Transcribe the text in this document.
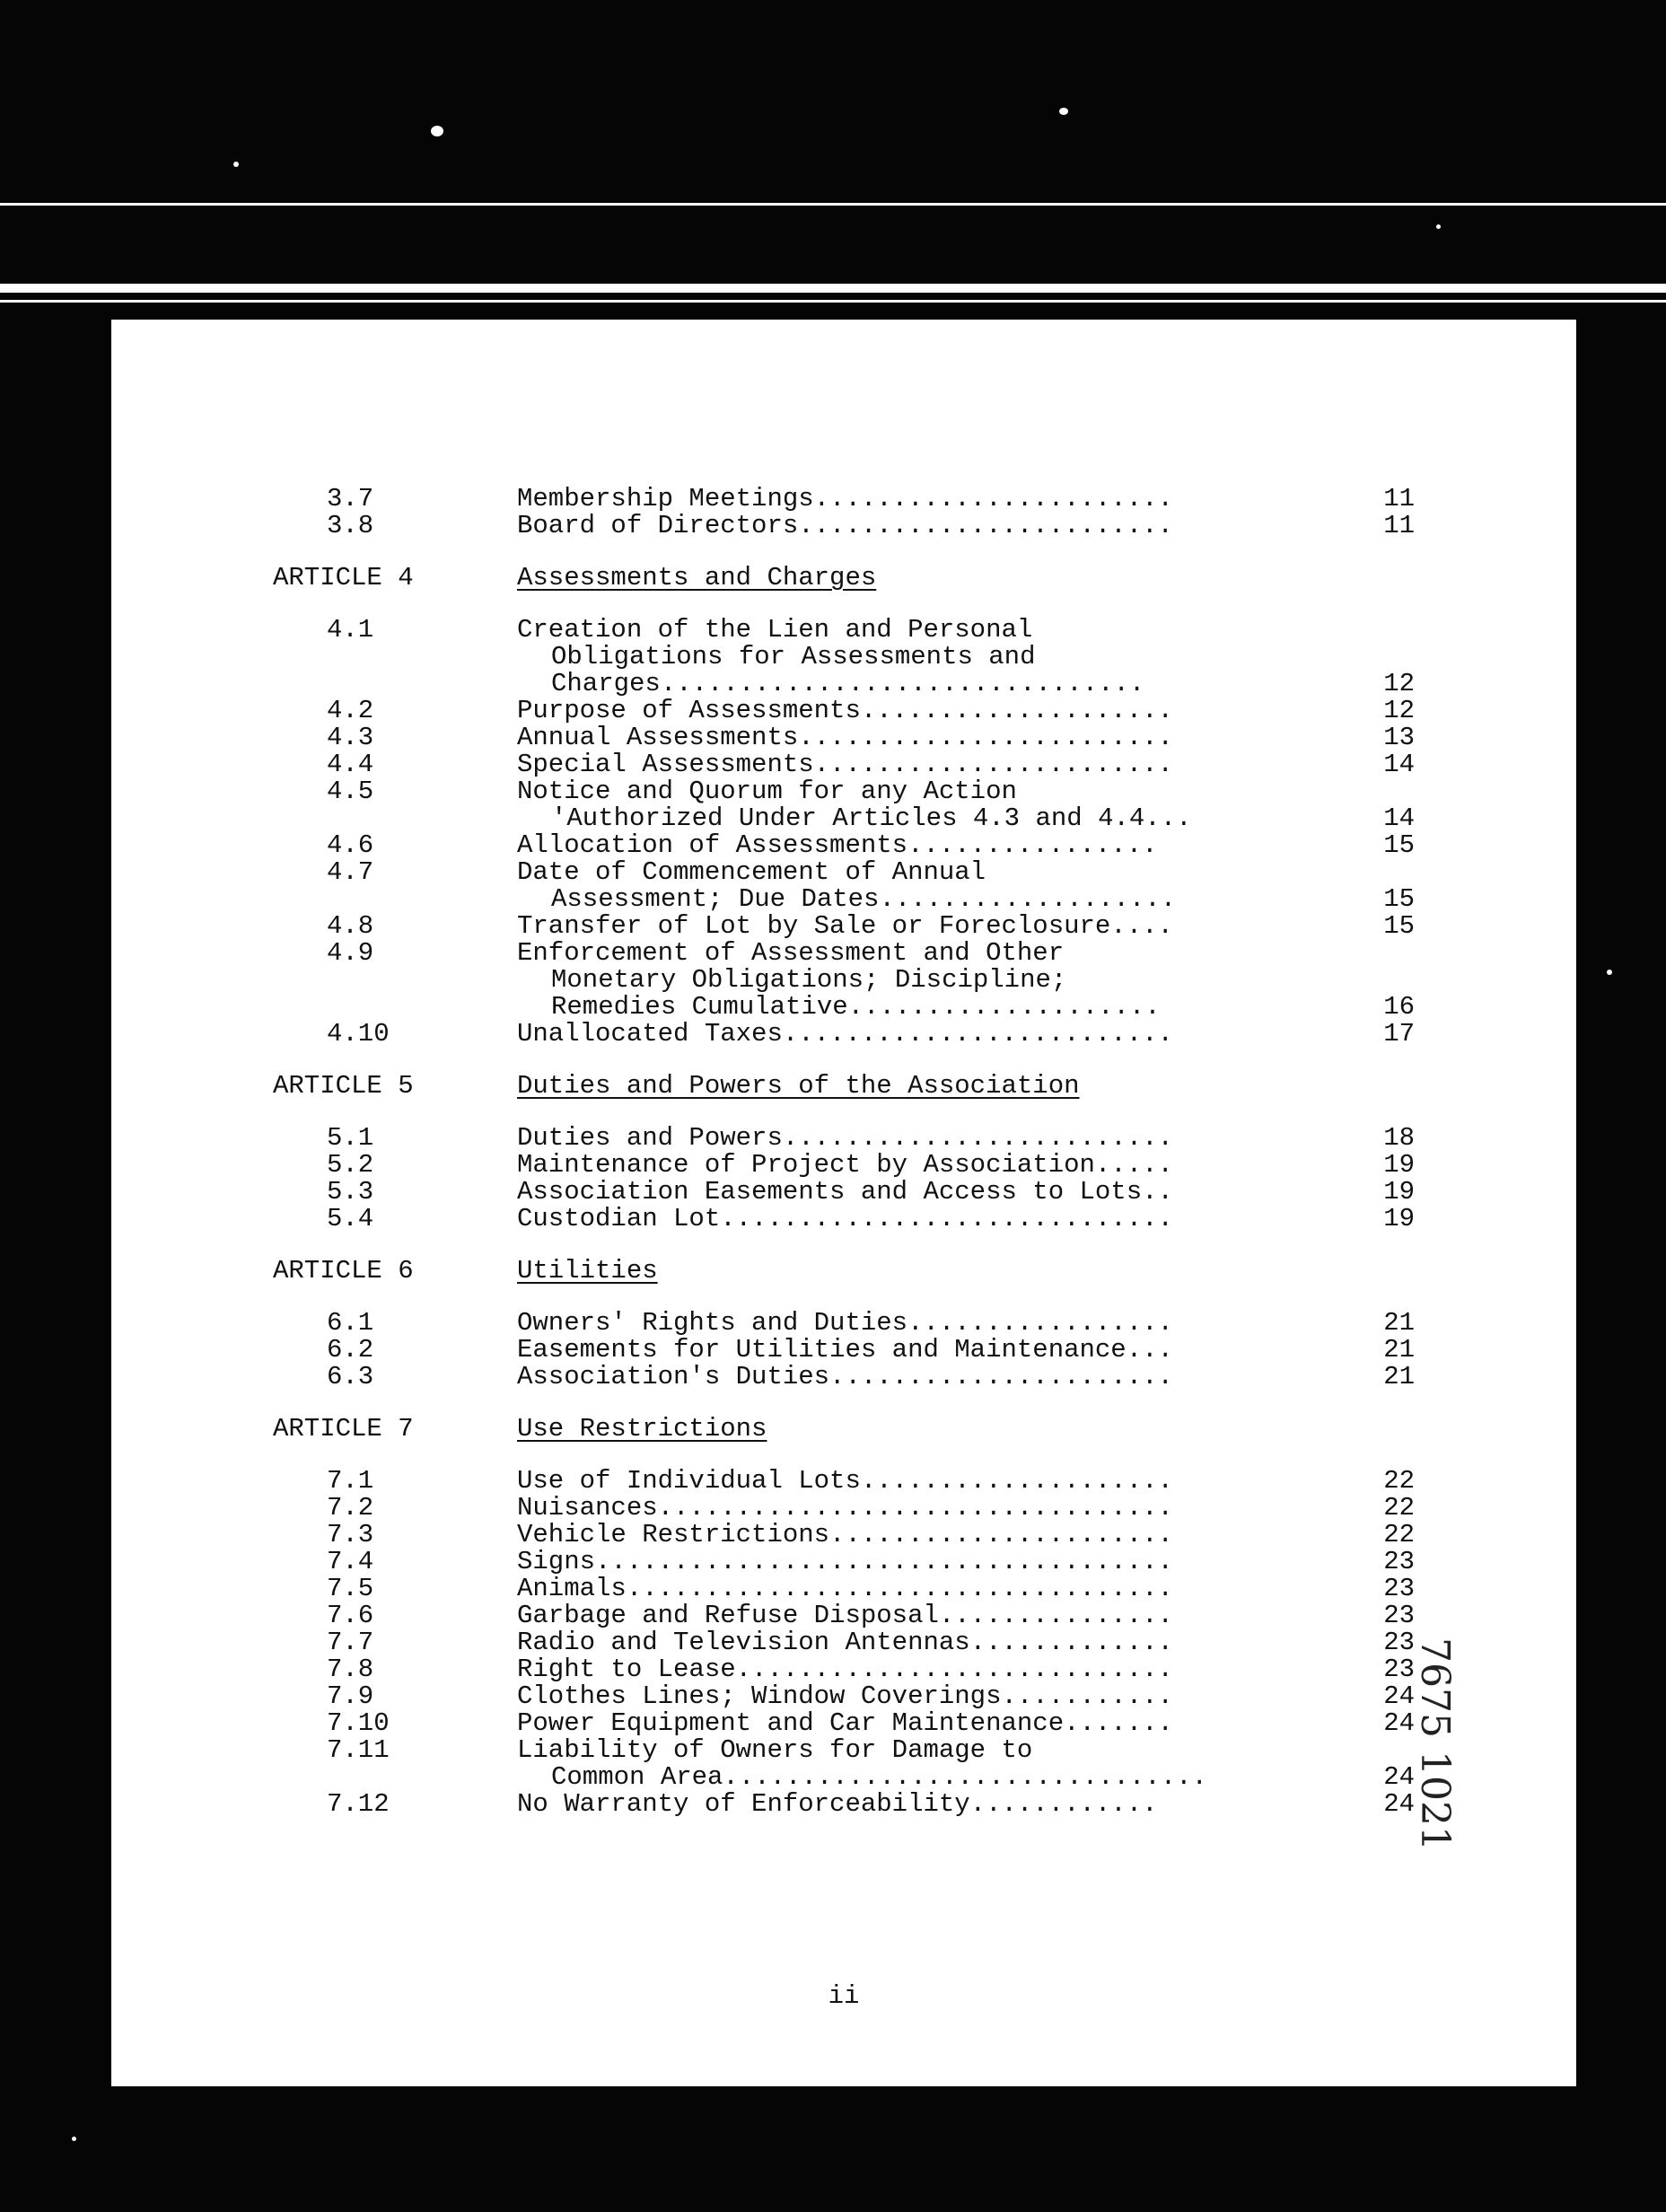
3.7	Membership Meetings.......................	11
3.8	Board of Directors........................	11
ARTICLE 4	Assessments and Charges
4.1	Creation of the Lien and Personal
Obligations for Assessments and
Charges...............................	12
4.2	Purpose of Assessments....................	12
4.3	Annual Assessments........................	13
4.4	Special Assessments.......................	14
4.5	Notice and Quorum for any Action
'Authorized Under Articles 4.3 and 4.4...	14
4.6	Allocation of Assessments................	15
4.7	Date of Commencement of Annual
Assessment; Due Dates...................	15
4.8	Transfer of Lot by Sale or Foreclosure....	15
4.9	Enforcement of Assessment and Other
Monetary Obligations; Discipline;
Remedies Cumulative....................	16
4.10	Unallocated Taxes.........................	17
ARTICLE 5	Duties and Powers of the Association
5.1	Duties and Powers.........................	18
5.2	Maintenance of Project by Association.....	19
5.3	Association Easements and Access to Lots..	19
5.4	Custodian Lot.............................	19
ARTICLE 6	Utilities
6.1	Owners' Rights and Duties.................	21
6.2	Easements for Utilities and Maintenance...	21
6.3	Association's Duties......................	21
ARTICLE 7	Use Restrictions
7.1	Use of Individual Lots....................	22
7.2	Nuisances.................................	22
7.3	Vehicle Restrictions......................	22
7.4	Signs.....................................	23
7.5	Animals...................................	23
7.6	Garbage and Refuse Disposal...............	23
7.7	Radio and Television Antennas.............	23
7.8	Right to Lease............................	23
7.9	Clothes Lines; Window Coverings...........	24
7.10	Power Equipment and Car Maintenance.......	24
7.11	Liability of Owners for Damage to
Common Area...............................	24
7.12	No Warranty of Enforceability............	24
ii
7675 1021
